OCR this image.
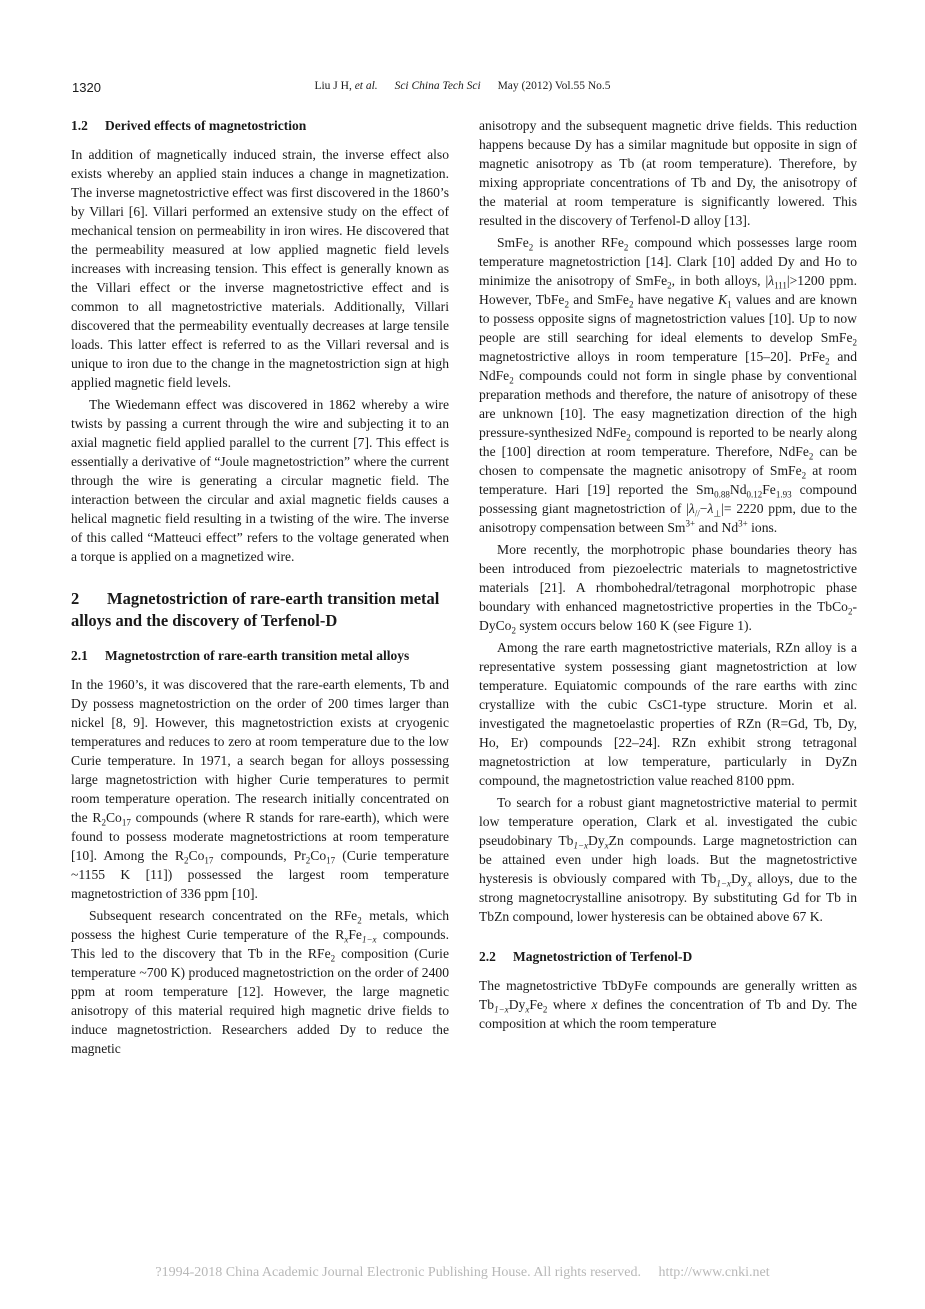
1320	Liu J H, et al. Sci China Tech Sci May (2012) Vol.55 No.5
1.2 Derived effects of magnetostriction

In addition of magnetically induced strain, the inverse effect also exists whereby an applied stain induces a change in magnetization. The inverse magnetostrictive effect was first discovered in the 1860’s by Villari [6]. Villari performed an extensive study on the effect of mechanical tension on permeability in iron wires. He discovered that the permeability measured at low applied magnetic field levels increases with increasing tension. This effect is generally known as the Villari effect or the inverse magnetostrictive effect and is common to all magnetostrictive materials. Additionally, Villari discovered that the permeability eventually decreases at large tensile loads. This latter effect is referred to as the Villari reversal and is unique to iron due to the change in the magnetostriction sign at high applied magnetic field levels.

The Wiedemann effect was discovered in 1862 whereby a wire twists by passing a current through the wire and subjecting it to an axial magnetic field applied parallel to the current [7]. This effect is essentially a derivative of “Joule magnetostriction” where the current through the wire is generating a circular magnetic field. The interaction between the circular and axial magnetic fields causes a helical magnetic field resulting in a twisting of the wire. The inverse of this called “Matteuci effect” refers to the voltage generated when a torque is applied on a magnetized wire.

2 Magnetostriction of rare-earth transition metal alloys and the discovery of Terfenol-D
2.1 Magnetostrction of rare-earth transition metal alloys

In the 1960’s, it was discovered that the rare-earth elements, Tb and Dy possess magnetostriction on the order of 200 times larger than nickel [8, 9]. However, this magnetostriction exists at cryogenic temperatures and reduces to zero at room temperature due to the low Curie temperature. In 1971, a search began for alloys possessing large magnetostriction with higher Curie temperatures to permit room temperature operation. The research initially concentrated on the $R_2Co_{17}$ compounds (where R stands for rare-earth), which were found to possess moderate magnetostrictions at room temperature [10]. Among the $R_2Co_{17}$ compounds, $Pr_2Co_{17}$ (Curie temperature ~1155 K [11]) possessed the largest room temperature magnetostriction of 336 ppm [10].

Subsequent research concentrated on the RFe$_2$ metals, which possess the highest Curie temperature of the $R_xFe_{1-x}$ compounds. This led to the discovery that Tb in the RFe$_2$ composition (Curie temperature ~700 K) produced magnetostriction on the order of 2400 ppm at room temperature [12]. However, the large magnetic anisotropy of this material required high magnetic drive fields to induce magnetostriction. Researchers added Dy to reduce the magnetic

anisotropy and the subsequent magnetic drive fields. This reduction happens because Dy has a similar magnitude but opposite in sign of magnetic anisotropy as Tb (at room temperature). Therefore, by mixing appropriate concentrations of Tb and Dy, the anisotropy of the material at room temperature is significantly lowered. This resulted in the discovery of Terfenol-D alloy [13].

SmFe$_2$ is another RFe$_2$ compound which possesses large room temperature magnetostriction [14]. Clark [10] added Dy and Ho to minimize the anisotropy of SmFe$_2$, in both alloys, $|\lambda_{111}|>1200$ ppm. However, TbFe$_2$ and SmFe$_2$ have negative $K_1$ values and are known to possess opposite signs of magnetostriction values [10]. Up to now people are still searching for ideal elements to develop SmFe$_2$ magnetostrictive alloys in room temperature [15–20]. PrFe$_2$ and NdFe$_2$ compounds could not form in single phase by conventional preparation methods and therefore, the nature of anisotropy of these are unknown [10]. The easy magnetization direction of the high pressure-synthesized NdFe$_2$ compound is reported to be nearly along the [100] direction at room temperature. Therefore, NdFe$_2$ can be chosen to compensate the magnetic anisotropy of SmFe$_2$ at room temperature. Hari [19] reported the $Sm_{0.88}Nd_{0.12}Fe_{1.93}$ compound possessing giant magnetostriction of $|\lambda_{//}-\lambda_\perp|= 2220$ ppm, due to the anisotropy compensation between $Sm^{3+}$ and $Nd^{3+}$ ions.

More recently, the morphotropic phase boundaries theory has been introduced from piezoelectric materials to magnetostrictive materials [21]. A rhombohedral/tetragonal morphotropic phase boundary with enhanced magnetostrictive properties in the TbCo$_2$-DyCo$_2$ system occurs below 160 K (see Figure 1).

Among the rare earth magnetostrictive materials, RZn alloy is a representative system possessing giant magnetostriction at low temperature. Equiatomic compounds of the rare earths with zinc crystallize with the cubic CsC1-type structure. Morin et al. investigated the magnetoelastic properties of RZn (R=Gd, Tb, Dy, Ho, Er) compounds [22–24]. RZn exhibit strong tetragonal magnetostriction at low temperature, particularly in DyZn compound, the magnetostriction value reached 8100 ppm.

To search for a robust giant magnetostrictive material to permit low temperature operation, Clark et al. investigated the cubic pseudobinary $Tb_{1-x}Dy_xZn$ compounds. Large magnetostriction can be attained even under high loads. But the magnetostrictive hysteresis is obviously compared with $Tb_{1-x}Dy_x$ alloys, due to the strong magnetocrystalline anisotropy. By substituting Gd for Tb in TbZn compound, lower hysteresis can be obtained above 67 K.

2.2 Magnetostriction of Terfenol-D

The magnetostrictive TbDyFe compounds are generally written as $Tb_{1-x}Dy_xFe_2$ where x defines the concentration of Tb and Dy. The composition at which the room temperature

?1994-2018 China Academic Journal Electronic Publishing House. All rights reserved. http://www.cnki.net
